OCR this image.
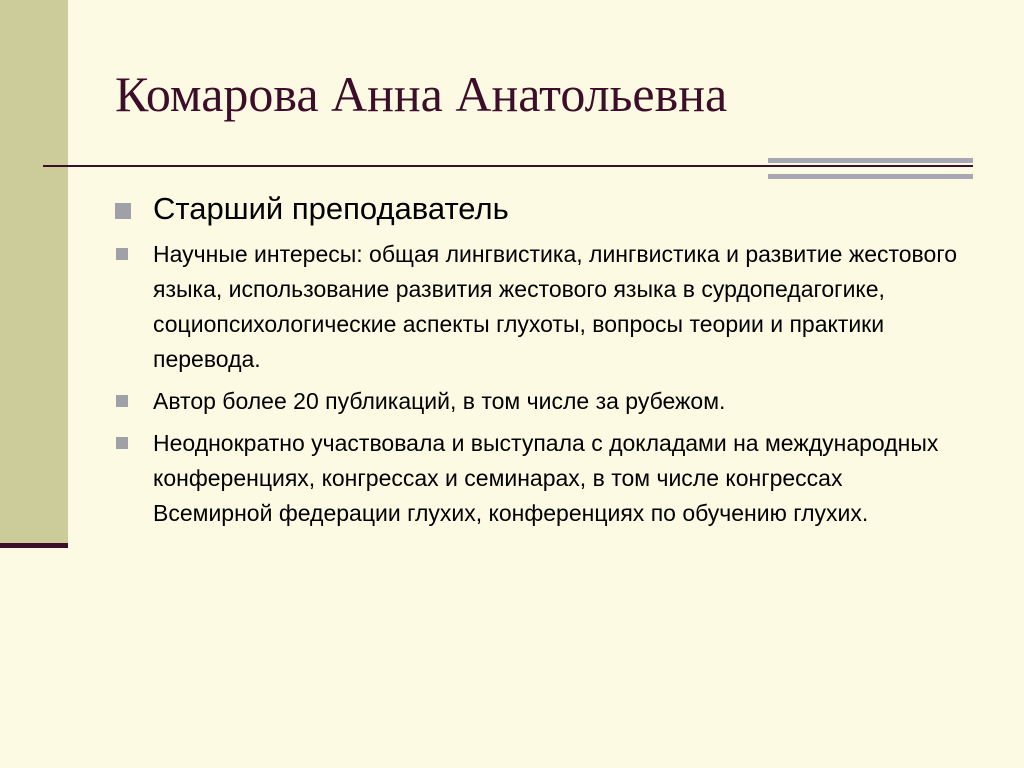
Комарова Анна Анатольевна
Старший преподаватель
Научные интересы: общая лингвистика, лингвистика и развитие жестового языка, использование развития жестового языка в сурдопедагогике, социопсихологические аспекты глухоты, вопросы теории и практики перевода.
Автор более 20 публикаций, в том числе за рубежом.
Неоднократно участвовала и выступала с докладами на международных конференциях, конгрессах и семинарах, в том числе конгрессах Всемирной федерации глухих, конференциях по обучению глухих.
